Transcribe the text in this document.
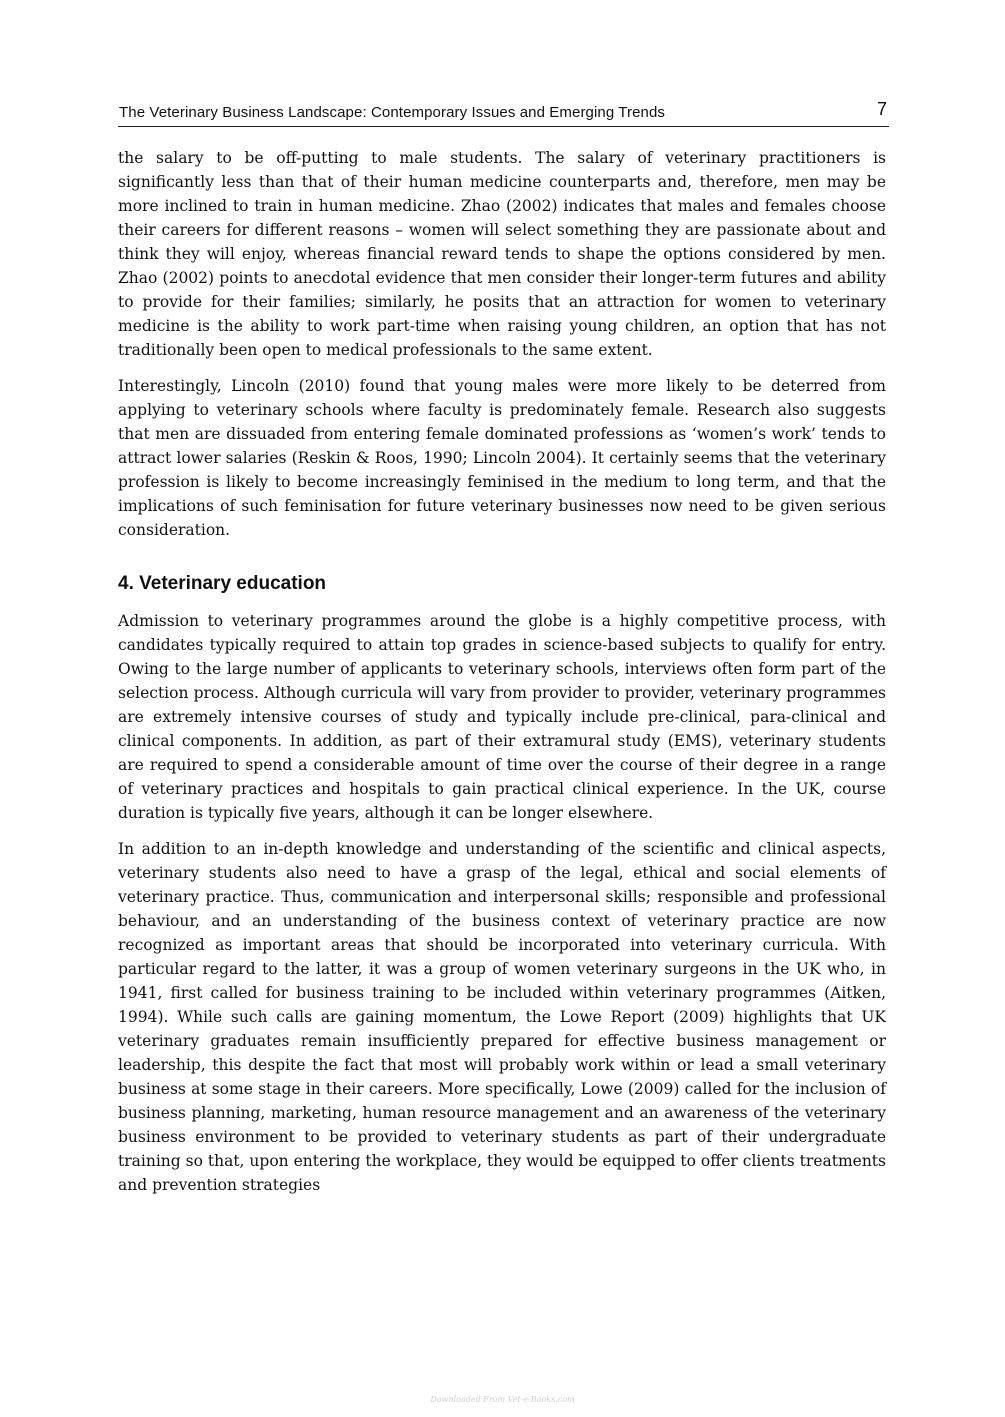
The Veterinary Business Landscape: Contemporary Issues and Emerging Trends	7

the salary to be off-putting to male students. The salary of veterinary practitioners is significantly less than that of their human medicine counterparts and, therefore, men may be more inclined to train in human medicine. Zhao (2002) indicates that males and females choose their careers for different reasons – women will select something they are passionate about and think they will enjoy, whereas financial reward tends to shape the options considered by men. Zhao (2002) points to anecdotal evidence that men consider their longer-term futures and ability to provide for their families; similarly, he posits that an attraction for women to veterinary medicine is the ability to work part-time when raising young children, an option that has not traditionally been open to medical professionals to the same extent.

Interestingly, Lincoln (2010) found that young males were more likely to be deterred from applying to veterinary schools where faculty is predominately female. Research also suggests that men are dissuaded from entering female dominated professions as ‘women’s work’ tends to attract lower salaries (Reskin & Roos, 1990; Lincoln 2004). It certainly seems that the veterinary profession is likely to become increasingly feminised in the medium to long term, and that the implications of such feminisation for future veterinary businesses now need to be given serious consideration.

4. Veterinary education

Admission to veterinary programmes around the globe is a highly competitive process, with candidates typically required to attain top grades in science-based subjects to qualify for entry. Owing to the large number of applicants to veterinary schools, interviews often form part of the selection process. Although curricula will vary from provider to provider, veterinary programmes are extremely intensive courses of study and typically include pre-clinical, para-clinical and clinical components. In addition, as part of their extramural study (EMS), veterinary students are required to spend a considerable amount of time over the course of their degree in a range of veterinary practices and hospitals to gain practical clinical experience. In the UK, course duration is typically five years, although it can be longer elsewhere.

In addition to an in-depth knowledge and understanding of the scientific and clinical aspects, veterinary students also need to have a grasp of the legal, ethical and social elements of veterinary practice. Thus, communication and interpersonal skills; responsible and professional behaviour, and an understanding of the business context of veterinary practice are now recognized as important areas that should be incorporated into veterinary curricula. With particular regard to the latter, it was a group of women veterinary surgeons in the UK who, in 1941, first called for business training to be included within veterinary programmes (Aitken, 1994). While such calls are gaining momentum, the Lowe Report (2009) highlights that UK veterinary graduates remain insufficiently prepared for effective business management or leadership, this despite the fact that most will probably work within or lead a small veterinary business at some stage in their careers. More specifically, Lowe (2009) called for the inclusion of business planning, marketing, human resource management and an awareness of the veterinary business environment to be provided to veterinary students as part of their undergraduate training so that, upon entering the workplace, they would be equipped to offer clients treatments and prevention strategies

Downloaded From Vet-e-Books.com
